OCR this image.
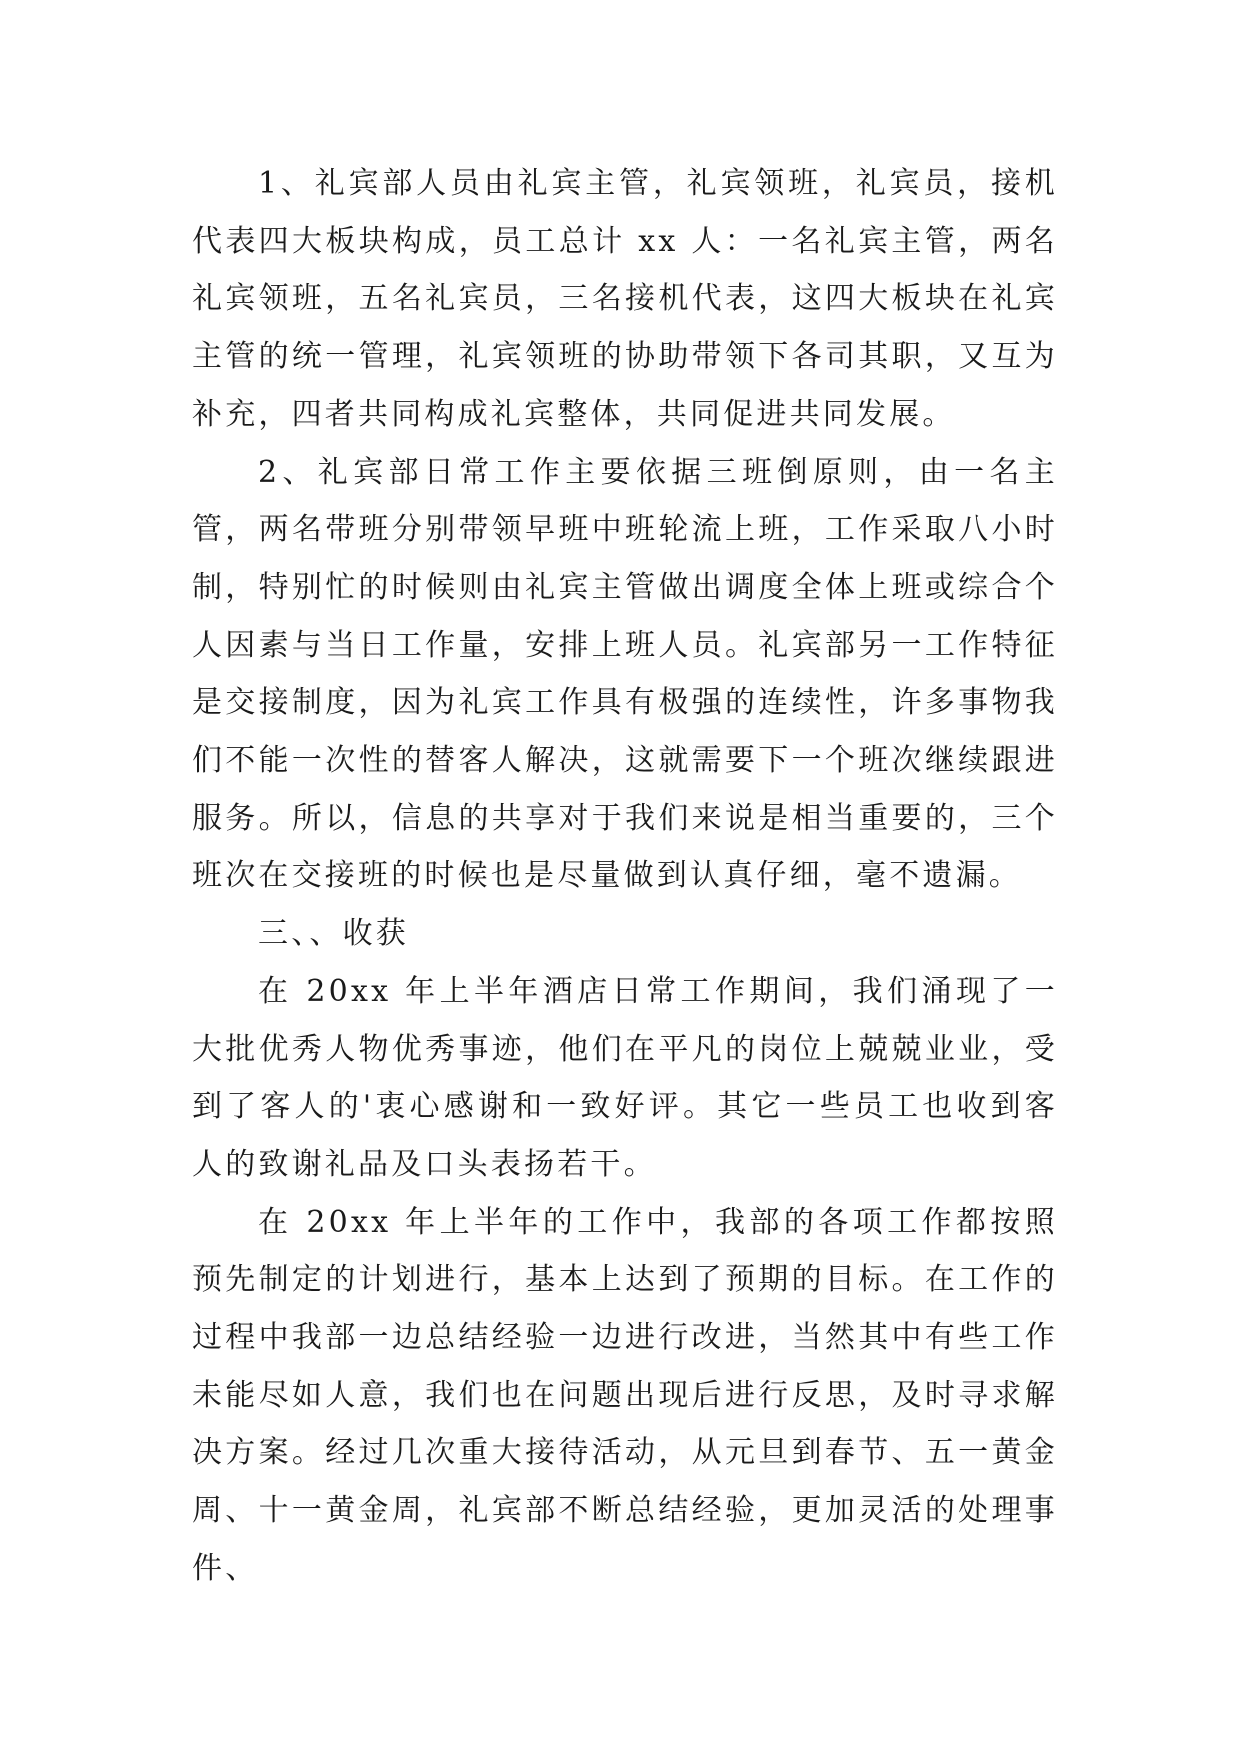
1、礼宾部人员由礼宾主管，礼宾领班，礼宾员，接机代表四大板块构成，员工总计 xx 人：一名礼宾主管，两名礼宾领班，五名礼宾员，三名接机代表，这四大板块在礼宾主管的统一管理，礼宾领班的协助带领下各司其职，又互为补充，四者共同构成礼宾整体，共同促进共同发展。

2、礼宾部日常工作主要依据三班倒原则，由一名主管，两名带班分别带领早班中班轮流上班，工作采取八小时制，特别忙的时候则由礼宾主管做出调度全体上班或综合个人因素与当日工作量，安排上班人员。礼宾部另一工作特征是交接制度，因为礼宾工作具有极强的连续性，许多事物我们不能一次性的替客人解决，这就需要下一个班次继续跟进服务。所以，信息的共享对于我们来说是相当重要的，三个班次在交接班的时候也是尽量做到认真仔细，毫不遗漏。

三、、收获

在 20xx 年上半年酒店日常工作期间，我们涌现了一大批优秀人物优秀事迹，他们在平凡的岗位上兢兢业业，受到了客人的'衷心感谢和一致好评。其它一些员工也收到客人的致谢礼品及口头表扬若干。

在 20xx 年上半年的工作中，我部的各项工作都按照预先制定的计划进行，基本上达到了预期的目标。在工作的过程中我部一边总结经验一边进行改进，当然其中有些工作未能尽如人意，我们也在问题出现后进行反思，及时寻求解决方案。经过几次重大接待活动，从元旦到春节、五一黄金周、十一黄金周，礼宾部不断总结经验，更加灵活的处理事件、
